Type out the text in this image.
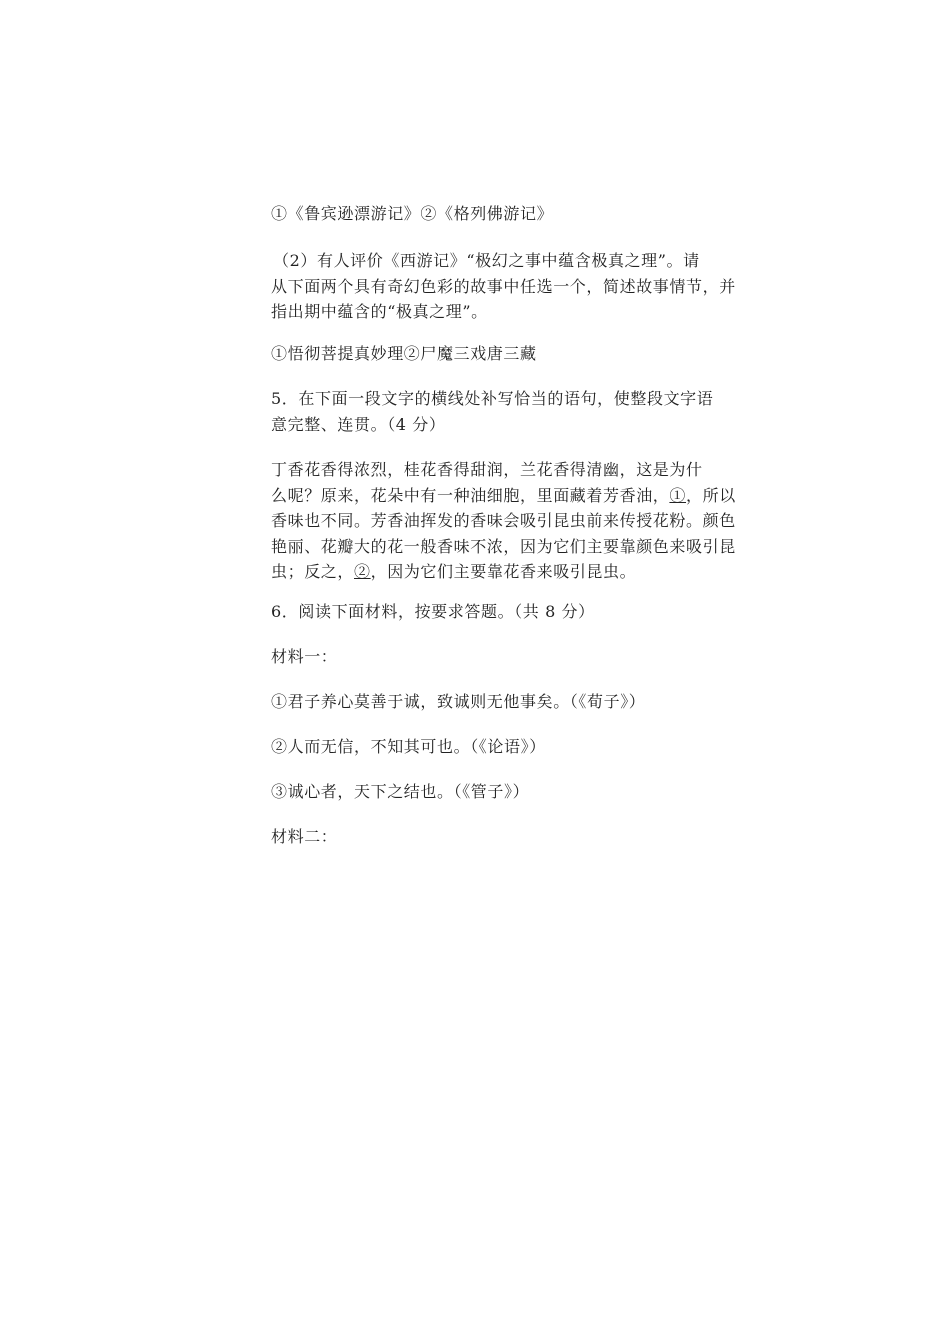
①《鲁宾逊漂游记》②《格列佛游记》
（2）有人评价《西游记》“极幻之事中蕴含极真之理”。请
从下面两个具有奇幻色彩的故事中任选一个，简述故事情节，并
指出期中蕴含的“极真之理”。
①悟彻菩提真妙理②尸魔三戏唐三藏
5．在下面一段文字的横线处补写恰当的语句，使整段文字语
意完整、连贯。（4 分）
丁香花香得浓烈，桂花香得甜润，兰花香得清幽，这是为什
么呢？原来，花朵中有一种油细胞，里面藏着芳香油，①，所以
香味也不同。芳香油挥发的香味会吸引昆虫前来传授花粉。颜色
艳丽、花瓣大的花一般香味不浓，因为它们主要靠颜色来吸引昆
虫；反之，②，因为它们主要靠花香来吸引昆虫。
6．阅读下面材料，按要求答题。（共 8 分）
材料一：
①君子养心莫善于诚，致诚则无他事矣。（《荀子》）
②人而无信，不知其可也。（《论语》）
③诚心者，天下之结也。（《管子》）
材料二：
